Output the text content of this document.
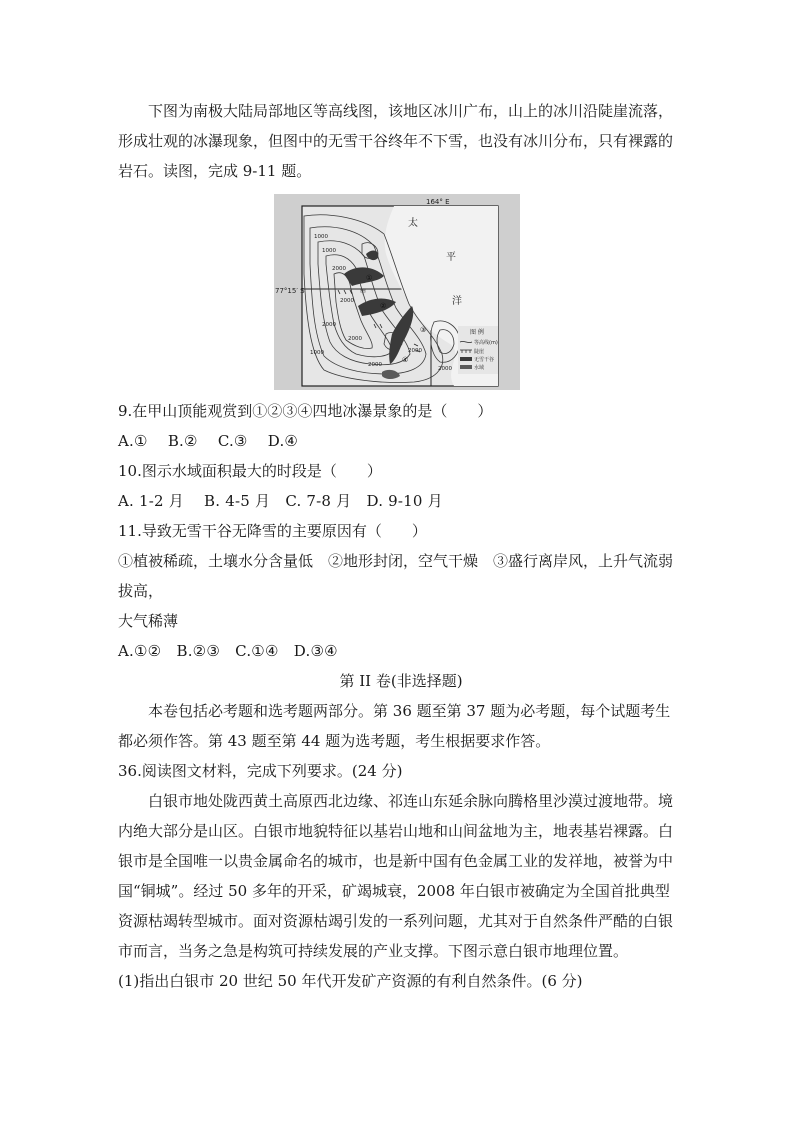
下图为南极大陆局部地区等高线图，该地区冰川广布，山上的冰川沿陡崖流落，形成壮观的冰瀑现象，但图中的无雪干谷终年不下雪，也没有冰川分布，只有裸露的岩石。读图，完成 9-11 题。

164° E
77°15′ S
太
平
洋
1000
1000
2000
2000
2000
2000
1000
2000
2000
2000
①
②
③
④
甲
图 例
等高线(m)
陡崖
无雪干谷
水域

9.在甲山顶能观赏到①②③④四地冰瀑景象的是（　　）

A.①　 B.②　 C.③　 D.④

10.图示水域面积最大的时段是（　　）

A. 1-2 月　 B. 4-5 月　C. 7-8 月　D. 9-10 月

11.导致无雪干谷无降雪的主要原因有（　　）

①植被稀疏，土壤水分含量低　②地形封闭，空气干燥　③盛行离岸风，上升气流弱拔高，

大气稀薄

A.①②　B.②③　C.①④　D.③④

第 II 卷(非选择题)

本卷包括必考题和选考题两部分。第 36 题至第 37 题为必考题，每个试题考生都必须作答。第 43 题至第 44 题为选考题，考生根据要求作答。

36.阅读图文材料，完成下列要求。(24 分)

白银市地处陇西黄土高原西北边缘、祁连山东延余脉向腾格里沙漠过渡地带。境内绝大部分是山区。白银市地貌特征以基岩山地和山间盆地为主，地表基岩裸露。白银市是全国唯一以贵金属命名的城市，也是新中国有色金属工业的发祥地，被誉为中国“铜城”。经过 50 多年的开采，矿竭城衰，2008 年白银市被确定为全国首批典型资源枯竭转型城市。面对资源枯竭引发的一系列问题，尤其对于自然条件严酷的白银市而言，当务之急是构筑可持续发展的产业支撑。下图示意白银市地理位置。

(1)指出白银市 20 世纪 50 年代开发矿产资源的有利自然条件。(6 分)
